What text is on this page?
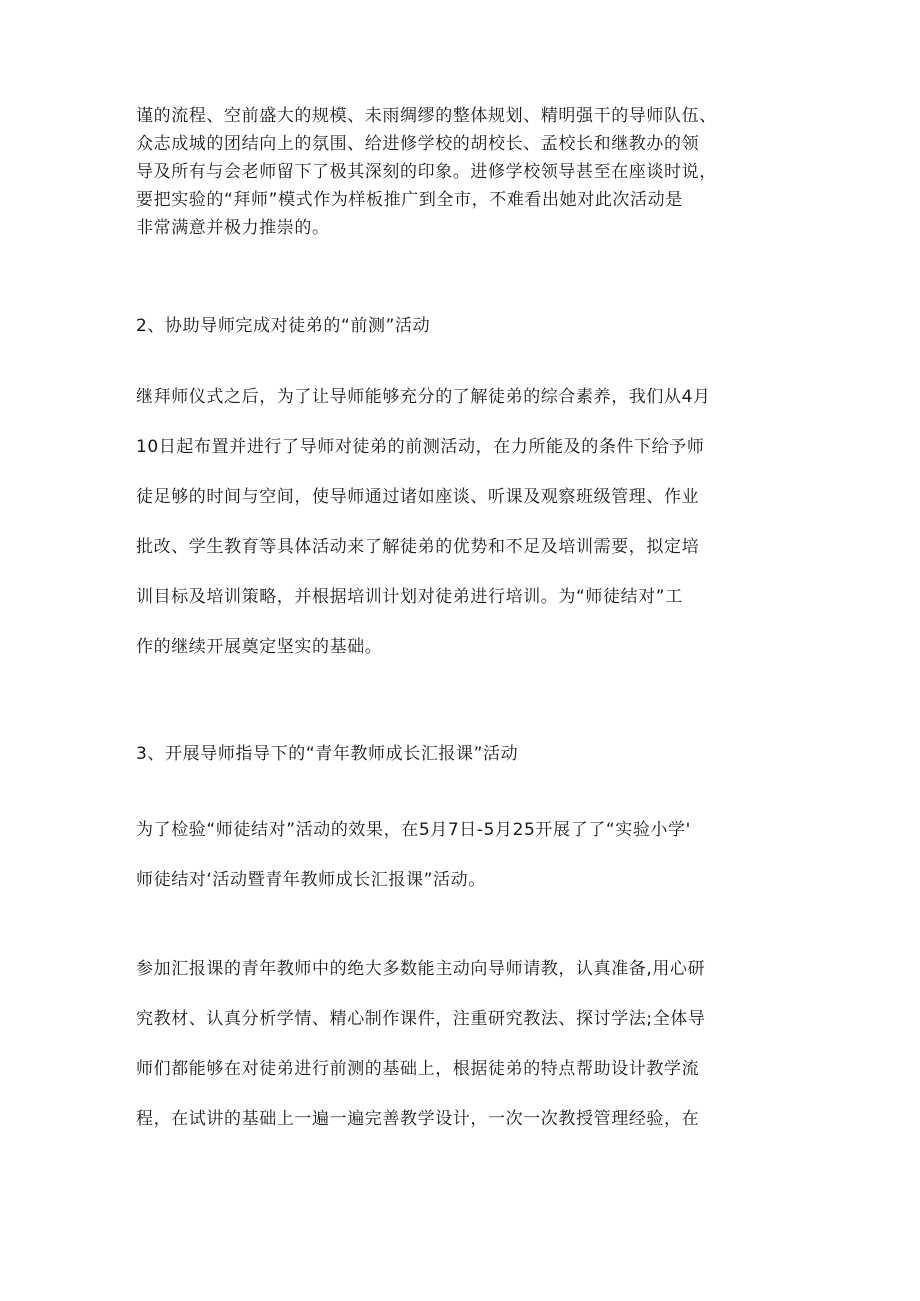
谨的流程、空前盛大的规模、未雨绸缪的整体规划、精明强干的导师队伍、
众志成城的团结向上的氛围、给进修学校的胡校长、孟校长和继教办的领
导及所有与会老师留下了极其深刻的印象。进修学校领导甚至在座谈时说，
要把实验的“拜师”模式作为样板推广到全市，不难看出她对此次活动是
非常满意并极力推崇的。
2、协助导师完成对徒弟的“前测”活动
继拜师仪式之后，为了让导师能够充分的了解徒弟的综合素养，我们从4月
10日起布置并进行了导师对徒弟的前测活动，在力所能及的条件下给予师
徒足够的时间与空间，使导师通过诸如座谈、听课及观察班级管理、作业
批改、学生教育等具体活动来了解徒弟的优势和不足及培训需要，拟定培
训目标及培训策略，并根据培训计划对徒弟进行培训。为“师徒结对”工
作的继续开展奠定坚实的基础。
3、开展导师指导下的“青年教师成长汇报课”活动
为了检验“师徒结对”活动的效果，在5月7日-5月25开展了了“实验小学'
师徒结对‘活动暨青年教师成长汇报课”活动。
参加汇报课的青年教师中的绝大多数能主动向导师请教，认真准备,用心研
究教材、认真分析学情、精心制作课件，注重研究教法、探讨学法;全体导
师们都能够在对徒弟进行前测的基础上，根据徒弟的特点帮助设计教学流
程，在试讲的基础上一遍一遍完善教学设计，一次一次教授管理经验，在
